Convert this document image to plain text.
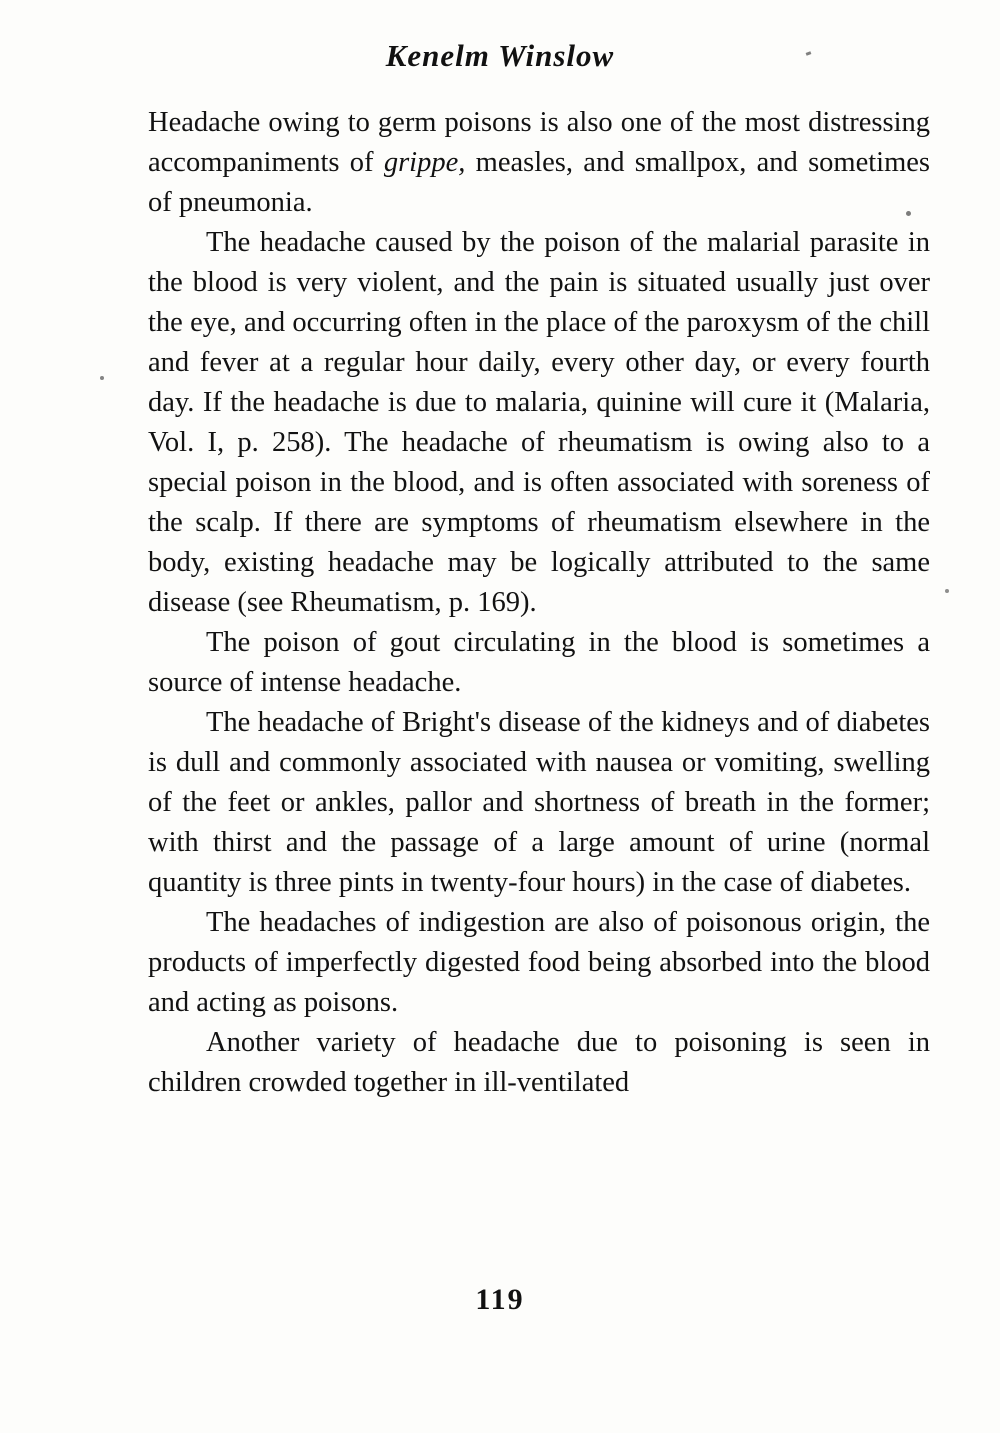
Kenelm Winslow

Headache owing to germ poisons is also one of the most distressing accompaniments of grippe, measles, and smallpox, and sometimes of pneumonia.

The headache caused by the poison of the malarial parasite in the blood is very violent, and the pain is situated usually just over the eye, and occurring often in the place of the paroxysm of the chill and fever at a regular hour daily, every other day, or every fourth day. If the headache is due to malaria, quinine will cure it (Malaria, Vol. I, p. 258). The headache of rheumatism is owing also to a special poison in the blood, and is often associated with soreness of the scalp. If there are symptoms of rheumatism elsewhere in the body, existing headache may be logically attributed to the same disease (see Rheumatism, p. 169).

The poison of gout circulating in the blood is sometimes a source of intense headache.

The headache of Bright's disease of the kidneys and of diabetes is dull and commonly associated with nausea or vomiting, swelling of the feet or ankles, pallor and shortness of breath in the former; with thirst and the passage of a large amount of urine (normal quantity is three pints in twenty-four hours) in the case of diabetes.

The headaches of indigestion are also of poisonous origin, the products of imperfectly digested food being absorbed into the blood and acting as poisons.

Another variety of headache due to poisoning is seen in children crowded together in ill-ventilated

119
